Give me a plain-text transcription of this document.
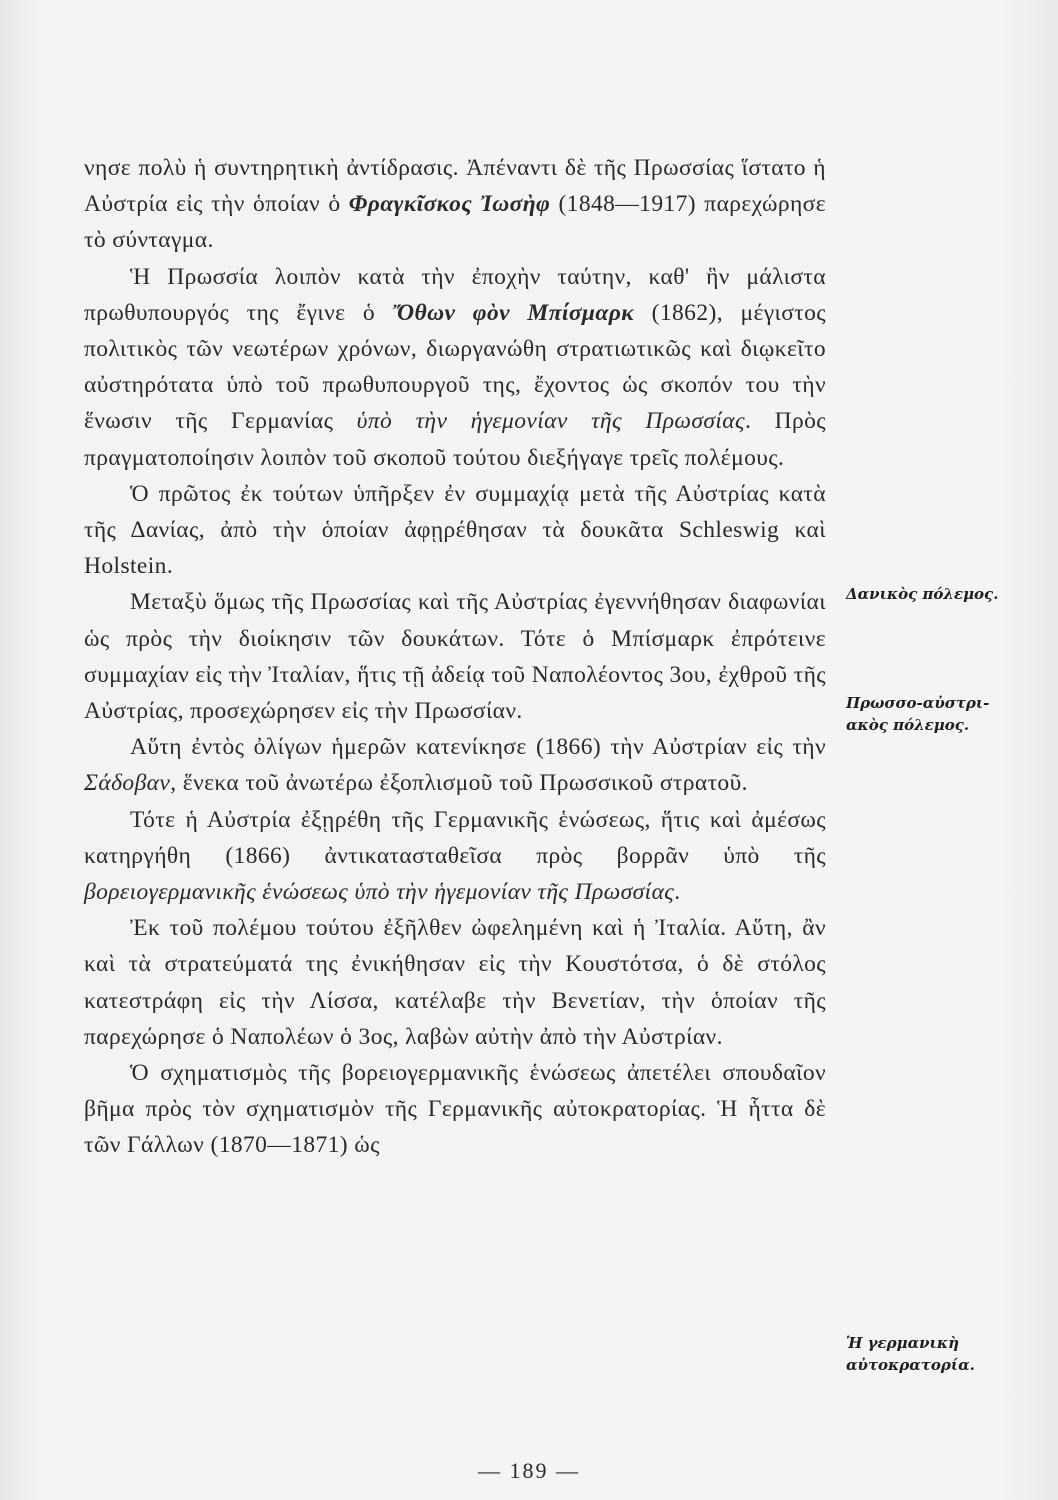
νησε πολὺ ἡ συντηρητικὴ ἀντίδρασις. Ἀπέναντι δὲ τῆς Πρωσσίας ἵστατο ἡ Αὐστρία εἰς τὴν ὁποίαν ὁ Φραγκῖσκος Ἰωσὴφ (1848—1917) παρεχώρησε τὸ σύνταγμα.

Ἡ Πρωσσία λοιπὸν κατὰ τὴν ἐποχὴν ταύτην, καθ' ἣν μάλιστα πρωθυπουργός της ἔγινε ὁ Ὄθων φὸν Μπίσμαρκ (1862), μέγιστος πολιτικὸς τῶν νεωτέρων χρόνων, διωργανώθη στρατιωτικῶς καὶ διῳκεῖτο αὐστηρότατα ὑπὸ τοῦ πρωθυπουργοῦ της, ἔχοντος ὡς σκοπόν του τὴν ἕνωσιν τῆς Γερμανίας ὑπὸ τὴν ἡγεμονίαν τῆς Πρωσσίας. Πρὸς πραγματοποίησιν λοιπὸν τοῦ σκοποῦ τούτου διεξήγαγε τρεῖς πολέμους.

Ὁ πρῶτος ἐκ τούτων ὑπῆρξεν ἐν συμμαχίᾳ μετὰ τῆς Αὐστρίας κατὰ τῆς Δανίας, ἀπὸ τὴν ὁποίαν ἀφῃρέθησαν τὰ δουκᾶτα Schleswig καὶ Holstein.

Μεταξὺ ὅμως τῆς Πρωσσίας καὶ τῆς Αὐστρίας ἐγεννήθησαν διαφωνίαι ὡς πρὸς τὴν διοίκησιν τῶν δουκάτων. Τότε ὁ Μπίσμαρκ ἐπρότεινε συμμαχίαν εἰς τὴν Ἰταλίαν, ἥτις τῇ ἀδείᾳ τοῦ Ναπολέοντος 3ου, ἐχθροῦ τῆς Αὐστρίας, προσεχώρησεν εἰς τὴν Πρωσσίαν.

Αὕτη ἐντὸς ὀλίγων ἡμερῶν κατενίκησε (1866) τὴν Αὐστρίαν εἰς τὴν Σάδοβαν, ἕνεκα τοῦ ἀνωτέρω ἐξοπλισμοῦ τοῦ Πρωσσικοῦ στρατοῦ.

Τότε ἡ Αὐστρία ἐξῃρέθη τῆς Γερμανικῆς ἑνώσεως, ἥτις καὶ ἀμέσως κατηργήθη (1866) ἀντικατασταθεῖσα πρὸς βορρᾶν ὑπὸ τῆς βορειογερμανικῆς ἑνώσεως ὑπὸ τὴν ἡγεμονίαν τῆς Πρωσσίας.

Ἐκ τοῦ πολέμου τούτου ἐξῆλθεν ὠφελημένη καὶ ἡ Ἰταλία. Αὕτη, ἂν καὶ τὰ στρατεύματά της ἐνικήθησαν εἰς τὴν Κουστότσα, ὁ δὲ στόλος κατεστράφη εἰς τὴν Λίσσα, κατέλαβε τὴν Βενετίαν, τὴν ὁποίαν τῆς παρεχώρησε ὁ Ναπολέων ὁ 3ος, λαβὼν αὐτὴν ἀπὸ τὴν Αὐστρίαν.

Ὁ σχηματισμὸς τῆς βορειογερμανικῆς ἑνώσεως ἀπετέλει σπουδαῖον βῆμα πρὸς τὸν σχηματισμὸν τῆς Γερμανικῆς αὐτοκρατορίας. Ἡ ἧττα δὲ τῶν Γάλλων (1870—1871) ὡς

Δανικὸς πόλεμος.
Πρωσσο-αὐστρι-
ακὸς πόλεμος.
Ἡ γερμανικὴ
αὐτοκρατορία.
— 189 —
